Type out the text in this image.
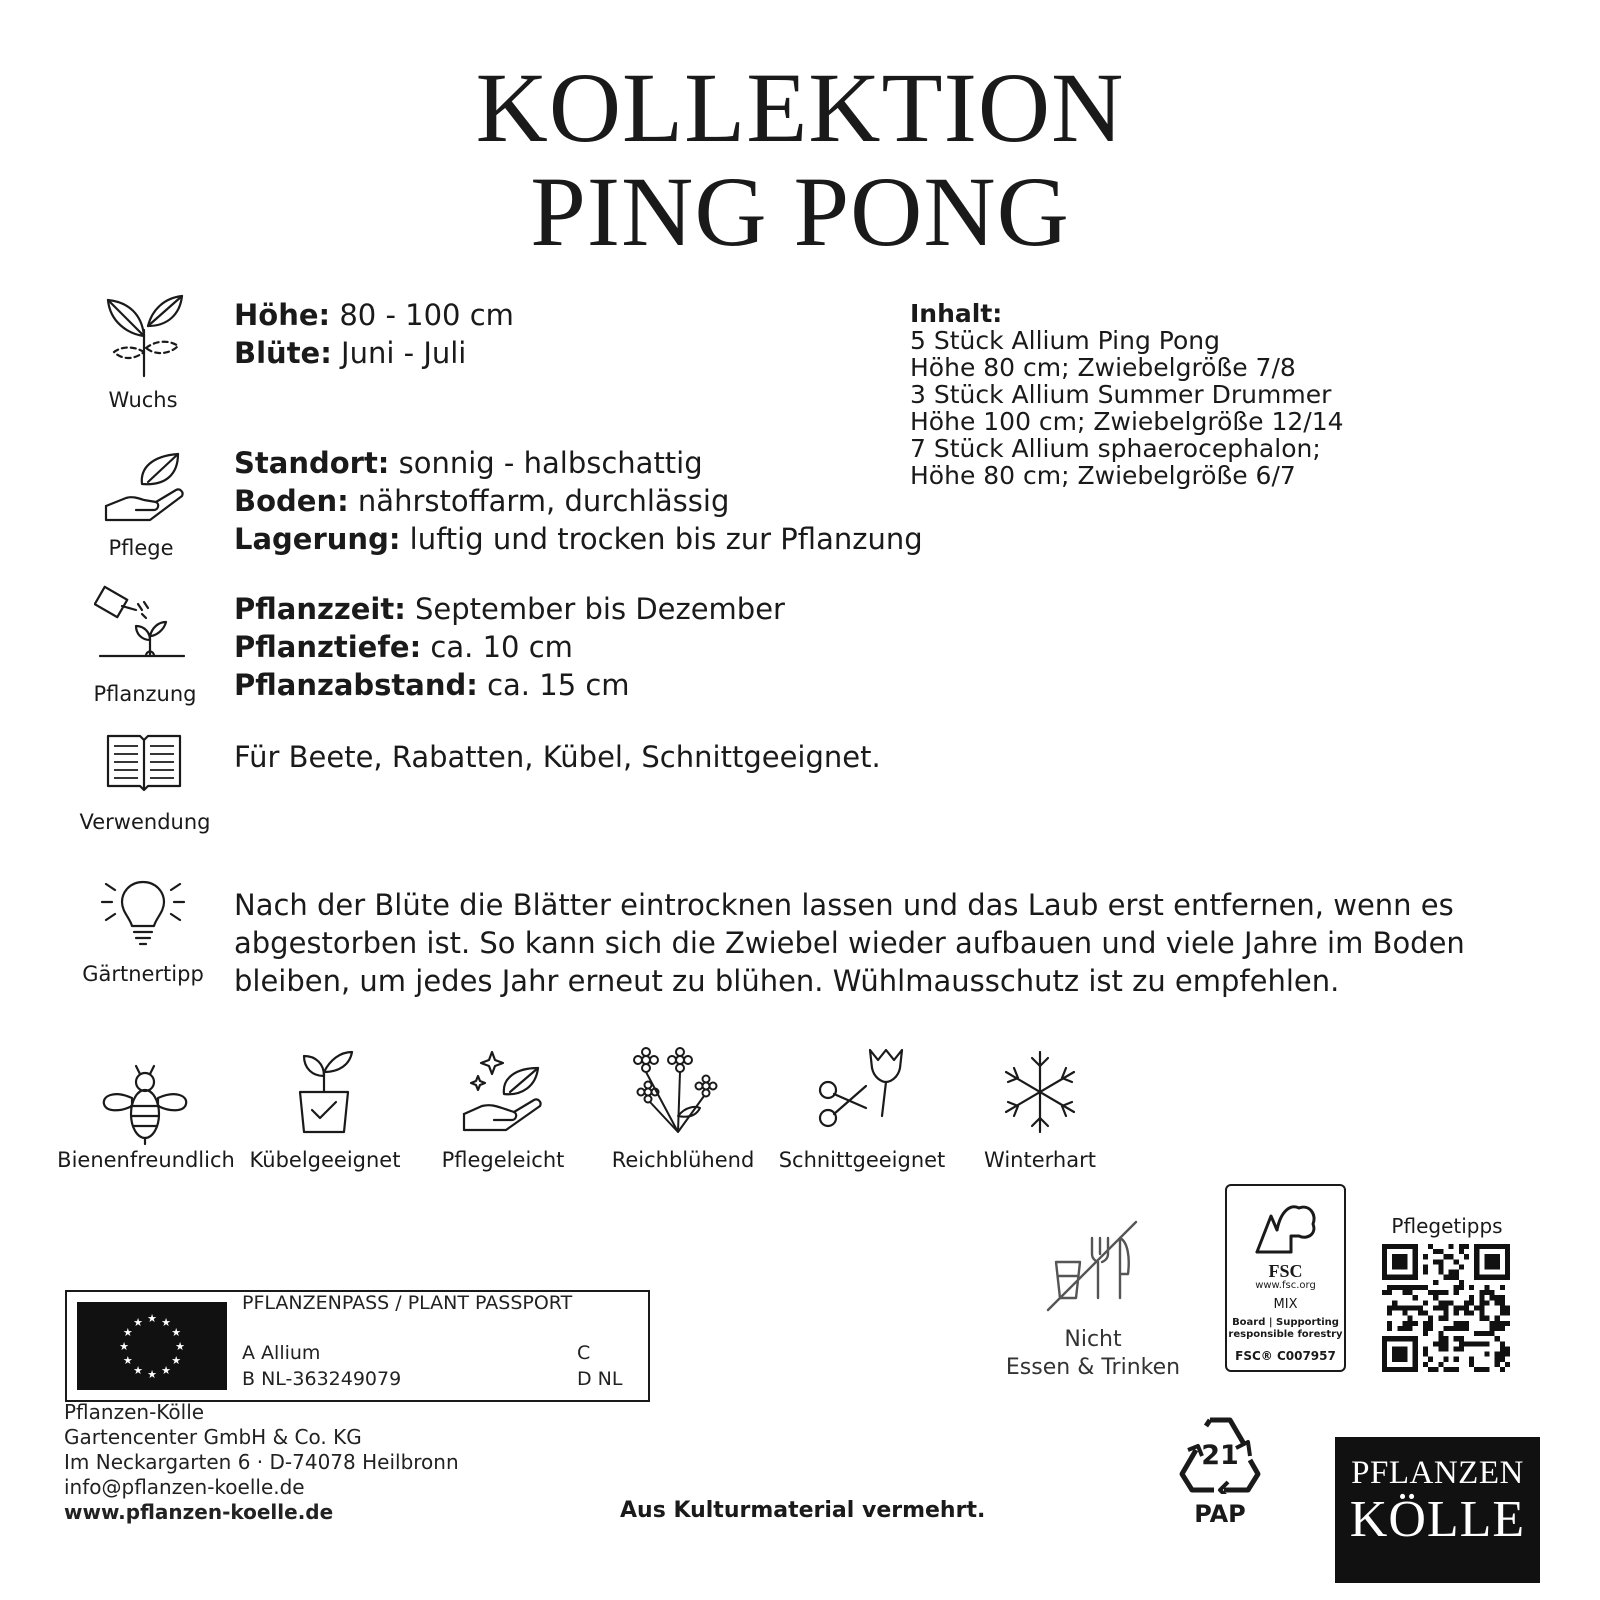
KOLLEKTION
PING PONG
Wuchs
Höhe: 80 - 100 cm
Blüte: Juni - Juli
Inhalt:
5 Stück Allium Ping Pong
Höhe 80 cm; Zwiebelgröße 7/8
3 Stück Allium Summer Drummer
Höhe 100 cm; Zwiebelgröße 12/14
7 Stück Allium sphaerocephalon;
Höhe 80 cm; Zwiebelgröße 6/7
Pflege
Standort: sonnig - halbschattig
Boden: nährstoffarm, durchlässig
Lagerung: luftig und trocken bis zur Pflanzung
Pflanzung
Pflanzzeit: September bis Dezember
Pflanztiefe: ca. 10 cm
Pflanzabstand: ca. 15 cm
Verwendung
Für Beete, Rabatten, Kübel, Schnittgeeignet.
Gärtnertipp
Nach der Blüte die Blätter eintrocknen lassen und das Laub erst entfernen, wenn es
abgestorben ist. So kann sich die Zwiebel wieder aufbauen und viele Jahre im Boden
bleiben, um jedes Jahr erneut zu blühen. Wühlmausschutz ist zu empfehlen.
Bienenfreundlich Kübelgeeignet	Pflegeleicht	Reichblühend	Schnittgeeignet	Winterhart
★ ★
★
★
★
★
★
★
★
★
★
★
PFLANZENPASS / PLANT PASSPORT
A Allium
B NL-363249079
C
D NL
Nicht
Essen & Trinken
FSC
www.fsc.org
MIX
Board | Supporting
responsible forestry
FSC® C007957
Pflegetipps
Pflanzen-Kölle
Gartencenter GmbH & Co. KG
Im Neckargarten 6 · D-74078 Heilbronn
info@pflanzen-koelle.de
www.pflanzen-koelle.de	Aus Kulturmaterial vermehrt.
21
PAP
PFLANZEN
KÖLLE
